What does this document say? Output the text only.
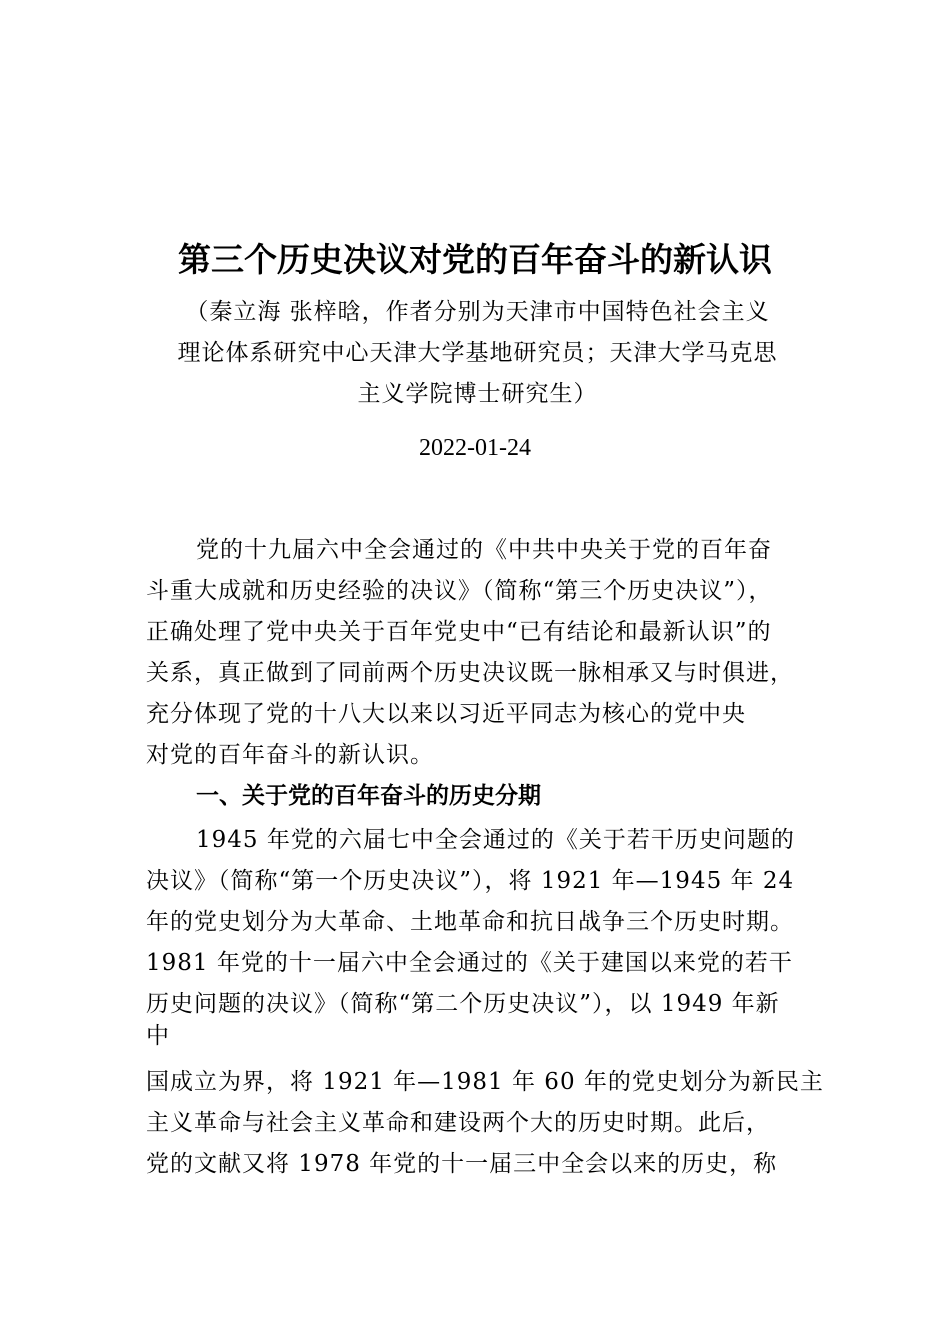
第三个历史决议对党的百年奋斗的新认识
（秦立海 张梓晗，作者分别为天津市中国特色社会主义
理论体系研究中心天津大学基地研究员；天津大学马克思
主义学院博士研究生）
2022-01-24
党的十九届六中全会通过的《中共中央关于党的百年奋
斗重大成就和历史经验的决议》（简称“第三个历史决议”），
正确处理了党中央关于百年党史中“已有结论和最新认识”的
关系，真正做到了同前两个历史决议既一脉相承又与时俱进，
充分体现了党的十八大以来以习近平同志为核心的党中央
对党的百年奋斗的新认识。
一、关于党的百年奋斗的历史分期
1945 年党的六届七中全会通过的《关于若干历史问题的
决议》（简称“第一个历史决议”），将 1921 年—1945 年 24
年的党史划分为大革命、土地革命和抗日战争三个历史时期。
1981 年党的十一届六中全会通过的《关于建国以来党的若干
历史问题的决议》（简称“第二个历史决议”），以 1949 年新
中
国成立为界，将 1921 年—1981 年 60 年的党史划分为新民主
主义革命与社会主义革命和建设两个大的历史时期。此后，
党的文献又将 1978 年党的十一届三中全会以来的历史，称
